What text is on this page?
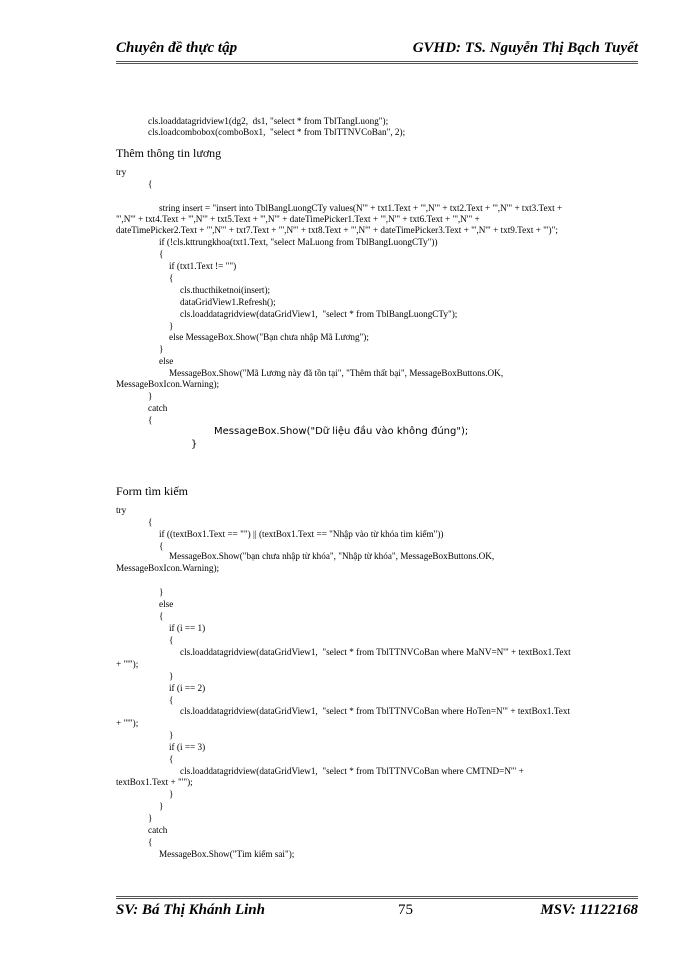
Chuyên đề thực tập	GVHD: TS. Nguyễn Thị Bạch Tuyết

cls.loaddatagridview1(dg2,  ds1, "select * from TblTangLuong");

cls.loadcombobox(comboBox1,  "select * from TblTTNVCoBan", 2);

Thêm thông tin lương

try

{

string insert = "insert into TblBangLuongCTy values(N'" + txt1.Text + "',N'" + txt2.Text + "',N'" + txt3.Text +

"',N'" + txt4.Text + "',N'" + txt5.Text + "',N'" + dateTimePicker1.Text + "',N'" + txt6.Text + "',N'" +

dateTimePicker2.Text + "',N'" + txt7.Text + "',N'" + txt8.Text + "',N'" + dateTimePicker3.Text + "',N'" + txt9.Text + "')";

if (!cls.kttrungkhoa(txt1.Text, "select MaLuong from TblBangLuongCTy"))

{

if (txt1.Text != "")

{

cls.thucthiketnoi(insert);

dataGridView1.Refresh();

cls.loaddatagridview(dataGridView1,  "select * from TblBangLuongCTy");

}

else MessageBox.Show("Bạn chưa nhập Mã Lương");

}

else

MessageBox.Show("Mã Lương này đã tồn tại", "Thêm thất bại", MessageBoxButtons.OK,

MessageBoxIcon.Warning);

}

catch

{

MessageBox.Show("Dữ liệu đầu vào không đúng");
}
Form tìm kiếm

try

{

if ((textBox1.Text == "") || (textBox1.Text == "Nhập vào từ khóa tìm kiếm"))

{

MessageBox.Show("bạn chưa nhập từ khóa", "Nhập từ khóa", MessageBoxButtons.OK,

MessageBoxIcon.Warning);

}

else

{

if (i == 1)

{

cls.loaddatagridview(dataGridView1,  "select * from TblTTNVCoBan where MaNV=N'" + textBox1.Text

+ "'");

}

if (i == 2)

{

cls.loaddatagridview(dataGridView1,  "select * from TblTTNVCoBan where HoTen=N'" + textBox1.Text

+ "'");

}

if (i == 3)

{

cls.loaddatagridview(dataGridView1,  "select * from TblTTNVCoBan where CMTND=N'" +

textBox1.Text + "'");

}

}

}

catch

{

MessageBox.Show("Tìm kiếm sai");

SV: Bá Thị Khánh Linh	75	MSV: 11122168
